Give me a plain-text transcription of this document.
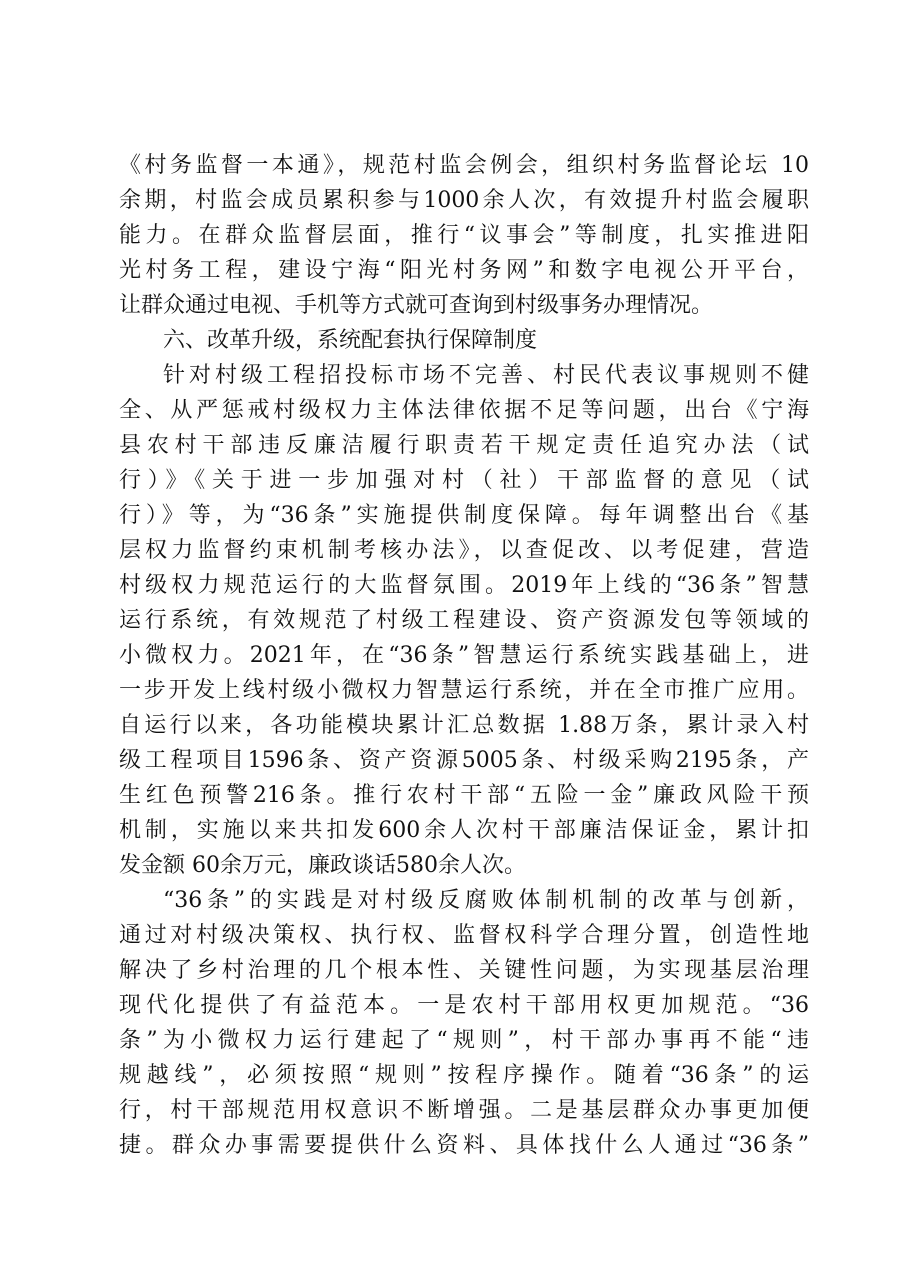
《村务监督一本通》，规范村监会例会，组织村务监督论坛 10
余期，村监会成员累积参与1000余人次，有效提升村监会履职
能力。在群众监督层面，推行“议事会”等制度，扎实推进阳
光村务工程，建设宁海“阳光村务网”和数字电视公开平台，
让群众通过电视、手机等方式就可查询到村级事务办理情况。
六、改革升级，系统配套执行保障制度
针对村级工程招投标市场不完善、村民代表议事规则不健
全、从严惩戒村级权力主体法律依据不足等问题，出台《宁海
县农村干部违反廉洁履行职责若干规定责任追究办法（试
行）》《关于进一步加强对村（社）干部监督的意见（试
行）》等，为“36条”实施提供制度保障。每年调整出台《基
层权力监督约束机制考核办法》，以查促改、以考促建，营造
村级权力规范运行的大监督氛围。2019年上线的“36条”智慧
运行系统，有效规范了村级工程建设、资产资源发包等领域的
小微权力。2021年，在“36条”智慧运行系统实践基础上，进
一步开发上线村级小微权力智慧运行系统，并在全市推广应用。
自运行以来，各功能模块累计汇总数据 1.88万条，累计录入村
级工程项目1596条、资产资源5005条、村级采购2195条，产
生红色预警216条。推行农村干部“五险一金”廉政风险干预
机制，实施以来共扣发600余人次村干部廉洁保证金，累计扣
发金额 60余万元，廉政谈话580余人次。
“36条”的实践是对村级反腐败体制机制的改革与创新，
通过对村级决策权、执行权、监督权科学合理分置，创造性地
解决了乡村治理的几个根本性、关键性问题，为实现基层治理
现代化提供了有益范本。一是农村干部用权更加规范。“36
条”为小微权力运行建起了“规则”，村干部办事再不能“违
规越线”，必须按照“规则”按程序操作。随着“36条”的运
行，村干部规范用权意识不断增强。二是基层群众办事更加便
捷。群众办事需要提供什么资料、具体找什么人通过“36条”
